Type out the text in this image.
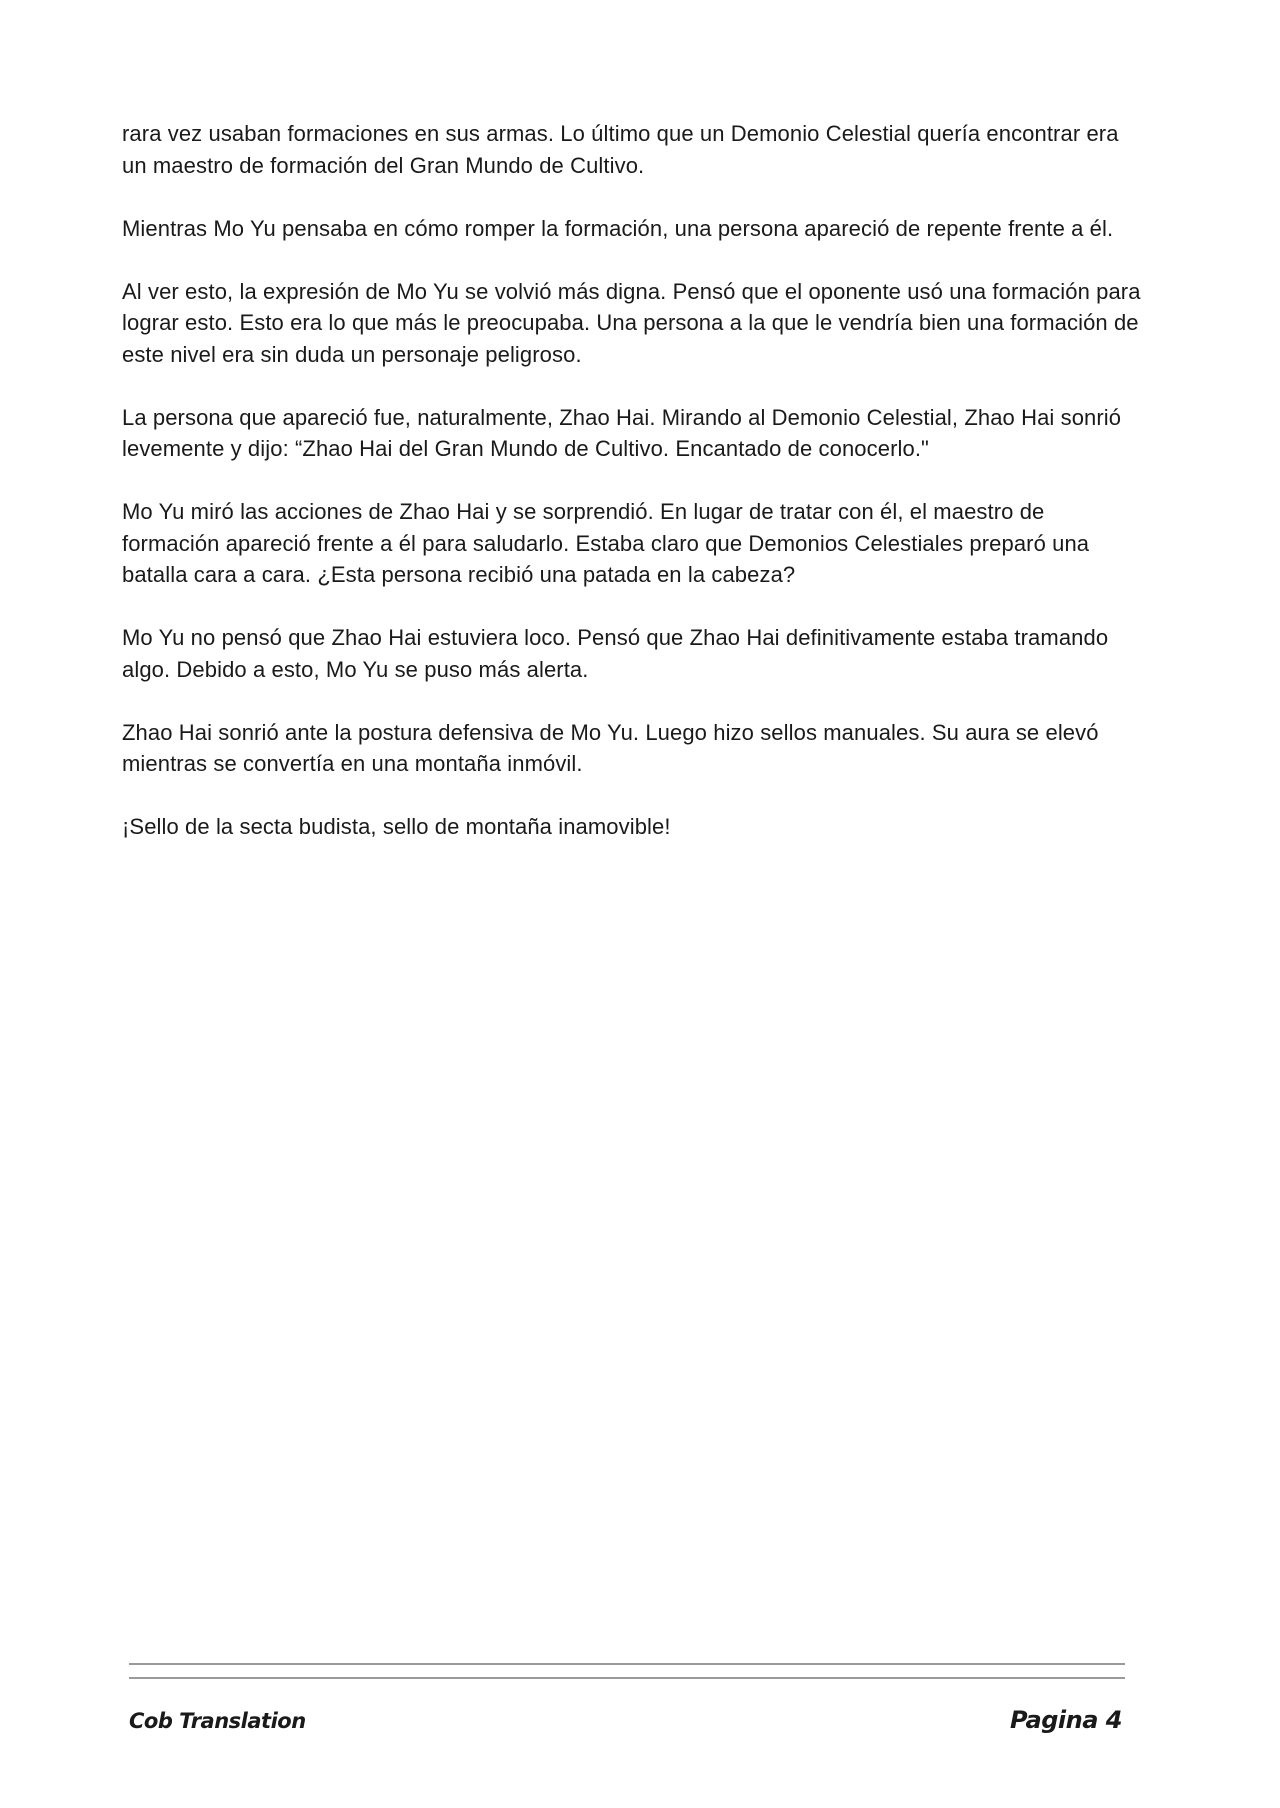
rara vez usaban formaciones en sus armas. Lo último que un Demonio Celestial quería encontrar era un maestro de formación del Gran Mundo de Cultivo.

Mientras Mo Yu pensaba en cómo romper la formación, una persona apareció de repente frente a él.

Al ver esto, la expresión de Mo Yu se volvió más digna. Pensó que el oponente usó una formación para lograr esto. Esto era lo que más le preocupaba. Una persona a la que le vendría bien una formación de este nivel era sin duda un personaje peligroso.

La persona que apareció fue, naturalmente, Zhao Hai. Mirando al Demonio Celestial, Zhao Hai sonrió levemente y dijo: “Zhao Hai del Gran Mundo de Cultivo. Encantado de conocerlo."

Mo Yu miró las acciones de Zhao Hai y se sorprendió. En lugar de tratar con él, el maestro de formación apareció frente a él para saludarlo. Estaba claro que Demonios Celestiales preparó una batalla cara a cara. ¿Esta persona recibió una patada en la cabeza?

Mo Yu no pensó que Zhao Hai estuviera loco. Pensó que Zhao Hai definitivamente estaba tramando algo. Debido a esto, Mo Yu se puso más alerta.

Zhao Hai sonrió ante la postura defensiva de Mo Yu. Luego hizo sellos manuales. Su aura se elevó mientras se convertía en una montaña inmóvil.

¡Sello de la secta budista, sello de montaña inamovible!

Cob Translation	Pagina 4
